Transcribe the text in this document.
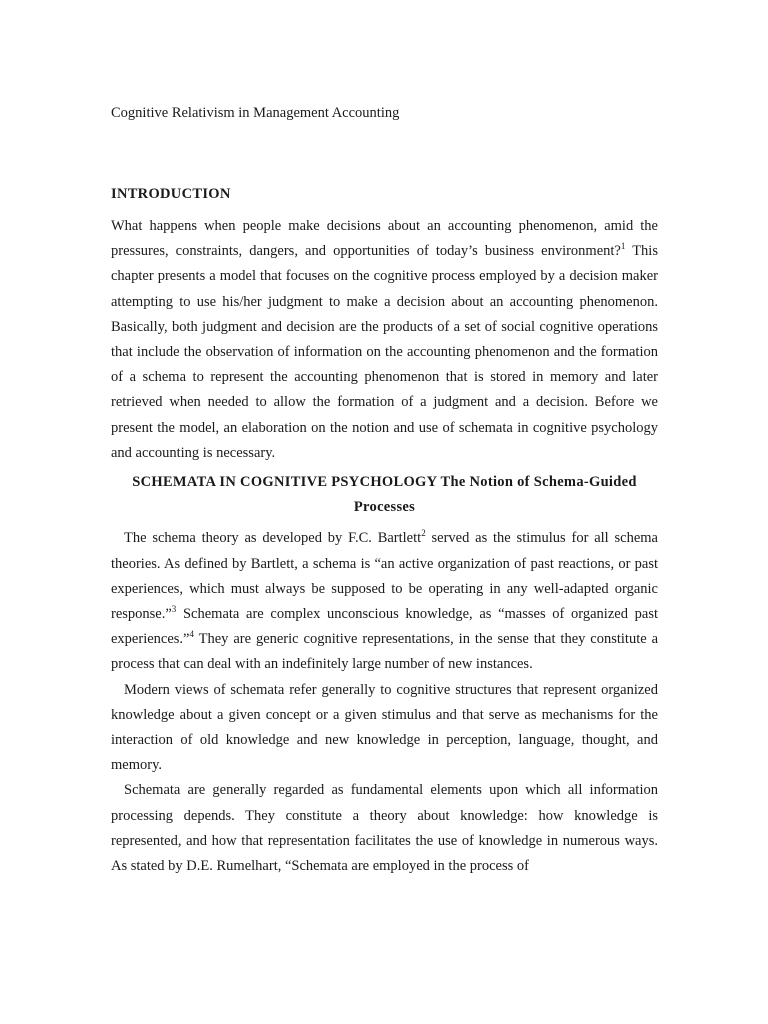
Cognitive Relativism in Management Accounting
INTRODUCTION

What happens when people make decisions about an accounting phenomenon, amid the pressures, constraints, dangers, and opportunities of today’s business environment?$^1$ This chapter presents a model that focuses on the cognitive process employed by a decision maker attempting to use his/her judgment to make a decision about an accounting phenomenon. Basically, both judgment and decision are the products of a set of social cognitive operations that include the observation of information on the accounting phenomenon and the formation of a schema to represent the accounting phenomenon that is stored in memory and later retrieved when needed to allow the formation of a judgment and a decision. Before we present the model, an elaboration on the notion and use of schemata in cognitive psychology and accounting is necessary.

SCHEMATA IN COGNITIVE PSYCHOLOGY The Notion of Schema-Guided Processes

The schema theory as developed by F.C. Bartlett$^2$ served as the stimulus for all schema theories. As defined by Bartlett, a schema is “an active organization of past reactions, or past experiences, which must always be supposed to be operating in any well-adapted organic response.”$^3$ Schemata are complex unconscious knowledge, as “masses of organized past experiences.”$^4$ They are generic cognitive representations, in the sense that they constitute a process that can deal with an indefinitely large number of new instances.

Modern views of schemata refer generally to cognitive structures that represent organized knowledge about a given concept or a given stimulus and that serve as mechanisms for the interaction of old knowledge and new knowledge in perception, language, thought, and memory.

Schemata are generally regarded as fundamental elements upon which all information processing depends. They constitute a theory about knowledge: how knowledge is represented, and how that representation facilitates the use of knowledge in numerous ways. As stated by D.E. Rumelhart, “Schemata are employed in the process of
